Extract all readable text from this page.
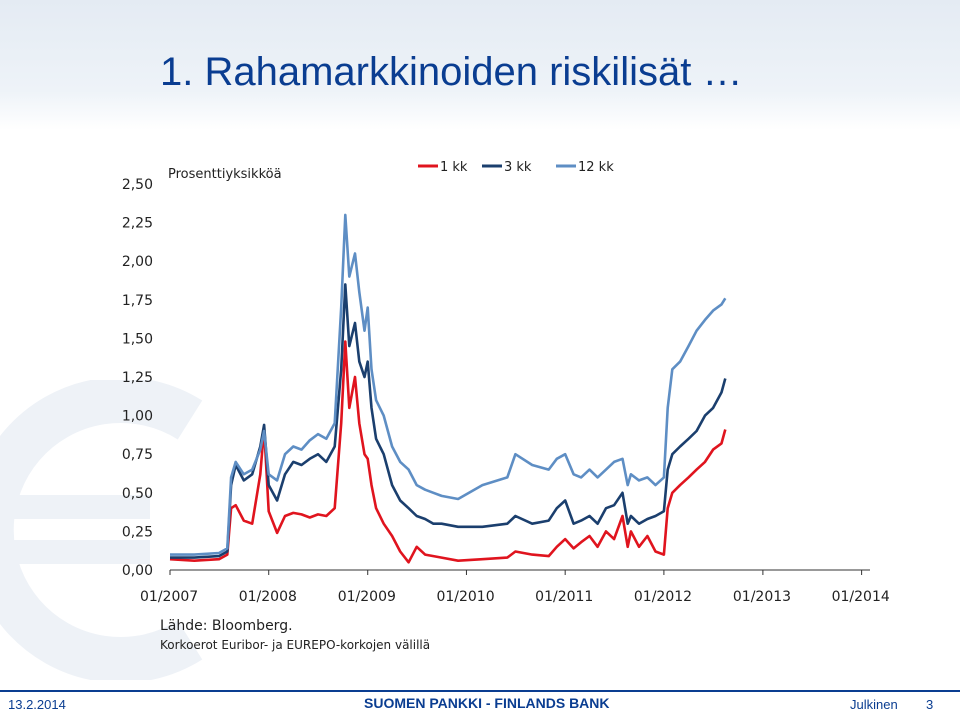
1. Rahamarkkinoiden riskilisät …
0,00
0,25
0,50
0,75
1,00
1,25
1,50
1,75
2,00
2,25
2,50
01/2007	01/2008	01/2009	01/2010	01/2011	01/2012	01/2013	01/2014
Prosenttiyksikköä	1 kk	3 kk	12 kk

Lähde: Bloomberg.

Korkoerot Euribor- ja EUREPO-korkojen välillä

13.2.2014	SUOMEN PANKKI - FINLANDS BANK	Julkinen 3
